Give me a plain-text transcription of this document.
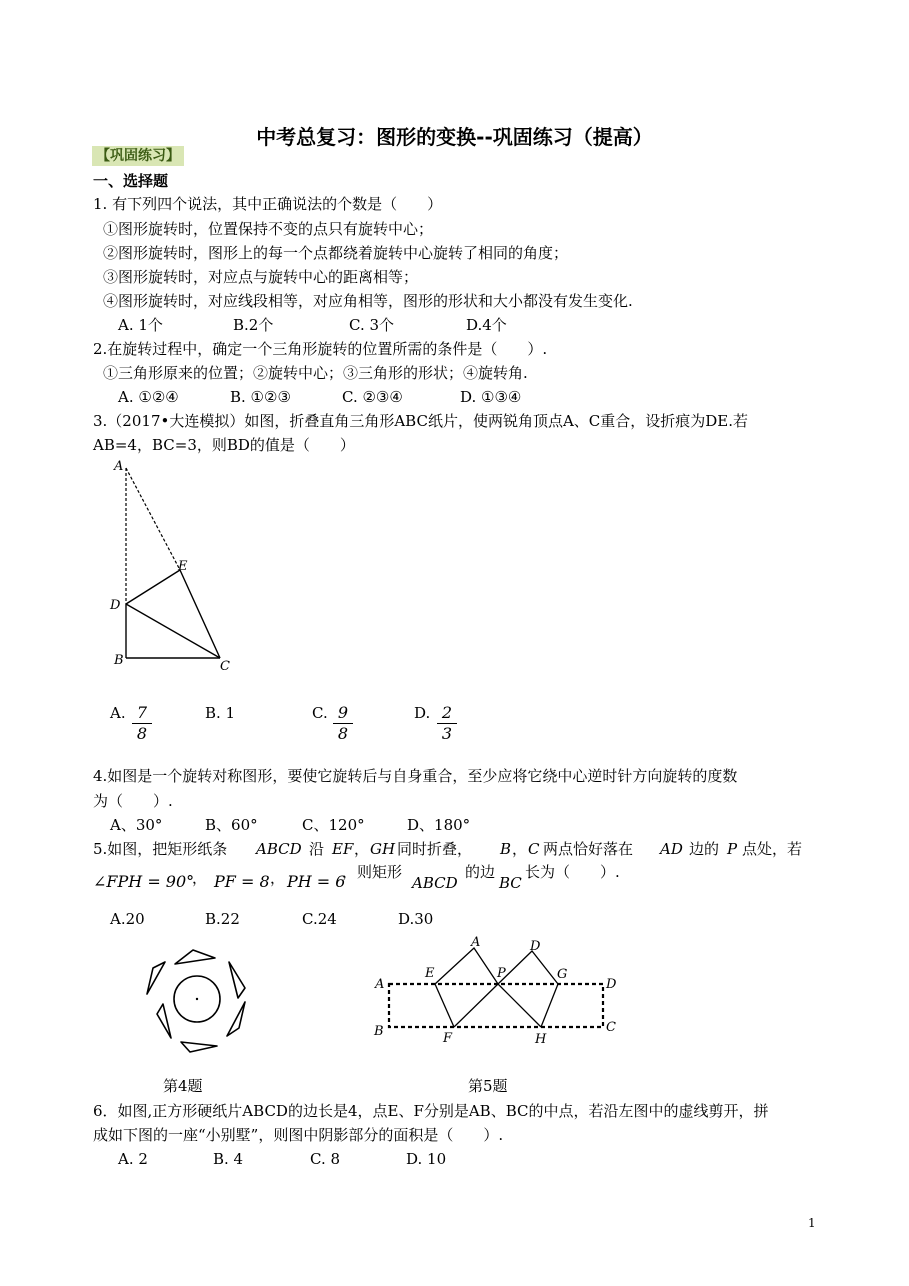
中考总复习：图形的变换--巩固练习（提高）
【巩固练习】
一、选择题
1. 有下列四个说法，其中正确说法的个数是（　　）
①图形旋转时，位置保持不变的点只有旋转中心；
②图形旋转时，图形上的每一个点都绕着旋转中心旋转了相同的角度；
③图形旋转时，对应点与旋转中心的距离相等；
④图形旋转时，对应线段相等，对应角相等，图形的形状和大小都没有发生变化.
A. 1个	B.2个	C. 3个	D.4个
2.在旋转过程中，确定一个三角形旋转的位置所需的条件是（　　）.
①三角形原来的位置；②旋转中心；③三角形的形状；④旋转角.
A. ①②④	B. ①②③	C. ②③④	D. ①③④
3.（2017•大连模拟）如图，折叠直角三角形ABC纸片，使两锐角顶点A、C重合，设折痕为DE.若
AB=4，BC=3，则BD的值是（　　）
A
E
D
B	C
A. 7
8
B. 1	C. 9
8
D. 2
3
4.如图是一个旋转对称图形，要使它旋转后与自身重合，至少应将它绕中心逆时针方向旋转的度数
为（　　）.
A、30°	B、60°	C、120°	D、180°
5.如图，把矩形纸条 ABCD 沿 EF ， GH 同时折叠， B ， C 两点恰好落在 AD 边的 P 点处，若
∠FPH = 90°
， PF = 8 ， PH = 6
，则矩形
ABCD
的边
BC
长为（　　）.
A.20	B.22	C.24	D.30
A	D
E	P	G
A	D
B	F	H
C
第4题	第5题
6．如图,正方形硬纸片ABCD的边长是4，点E、F分别是AB、BC的中点，若沿左图中的虚线剪开，拼
成如下图的一座“小别墅”，则图中阴影部分的面积是（　　）.
A. 2	B. 4	C. 8	D. 10
1
